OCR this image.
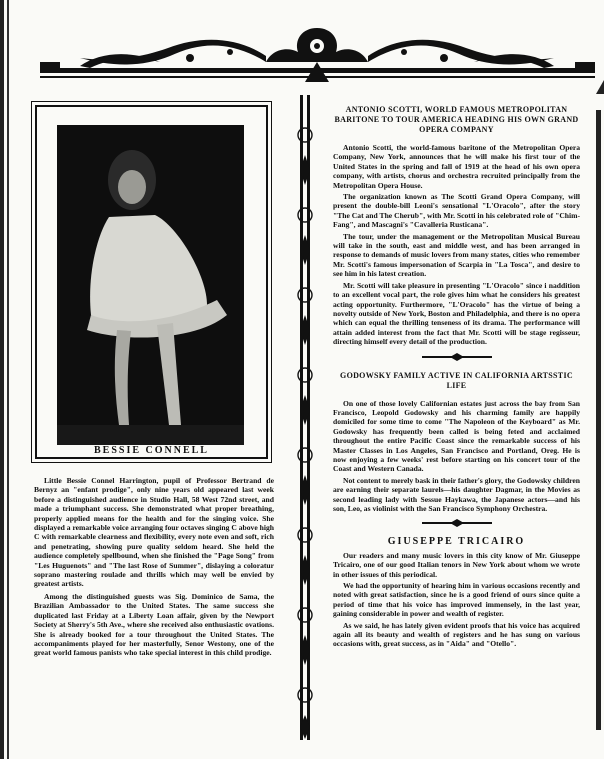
BESSIE CONNELL

Little Bessie Connel Harrington, pupil of Professor Bertrand de Bernyz an "enfant prodige", only nine years old appeared last week before a distinguished audience in Studio Hall, 58 West 72nd street, and made a triumphant success. She demonstrated what proper breathing, properly applied means for the health and for the singing voice. She displayed a remarkable voice arranging four octaves singing C above high C with remarkable clearness and flexibility, every note even and soft, rich and penetrating, showing pure quality seldom heard. She held the audience completely spellbound, when she finished the "Page Song" from "Les Huguenots" and "The last Rose of Summer", dislaying a coloratur soprano mastering roulade and thrills which may well be envied by greatest artists.

Among the distinguished guests was Sig. Dominico de Sama, the Brazilian Ambassador to the United States. The same success she duplicated last Friday at a Liberty Loan affair, given by the Newport Society at Sherry's 5th Ave., where she received also enthusiastic ovations. She is already booked for a tour throughout the United States. The accompaniments played for her masterfully, Senor Westony, one of the great world famous panists who take special interest in this child prodige.

ANTONIO SCOTTI, WORLD FAMOUS METROPOLITAN BARITONE TO TOUR AMERICA HEADING HIS OWN GRAND OPERA COMPANY

Antonio Scotti, the world-famous baritone of the Metropolitan Opera Company, New York, announces that he will make his first tour of the United States in the spring and fall of 1919 at the head of his own opera company, with artists, chorus and orchestra recruited principally from the Metropolitan Opera House.

The organization known as The Scotti Grand Opera Company, will present the double-bill Leoni's sensational "L'Oracolo", after the story "The Cat and The Cherub", with Mr. Scotti in his celebrated role of "Chim-Fang", and Mascagni's "Cavalleria Rusticana".

The tour, under the management or the Metropolitan Musical Bureau will take in the south, east and middle west, and has been arranged in response to demands of music lovers from many states, cities who remember Mr. Scotti's famous impersonation of Scarpia in "La Tosca", and desire to see him in his latest creation.

Mr. Scotti will take pleasure in presenting "L'Oracolo" since i naddition to an excellent vocal part, the role gives him what he considers his greatest acting opportunity. Furthermore, "L'Oracolo" has the virtue of being a novelty outside of New York, Boston and Philadelphia, and there is no opera which can equal the thrilling tenseness of its drama. The performance will attain added interest from the fact that Mr. Scotti will be stage regisseur, directing himself every detail of the production.

GODOWSKY FAMILY ACTIVE IN CALIFORNIA ARTSSTIC LIFE

On one of those lovely Californian estates just across the bay from San Francisco, Leopold Godowsky and his charming family are happily domiciled for some time to come "The Napoleon of the Keyboard" as Mr. Godowsky has frequently been called is being feted and acclaimed throughout the entire Pacific Coast since the remarkable success of his Master Classes in Los Angeles, San Francisco and Portland, Oreg. He is now enjoying a few weeks' rest before starting on his concert tour of the Coast and Western Canada.

Not content to merely bask in their father's glory, the Godowsky children are earning their separate laurels—his daughter Dagmar, in the Movies as second leading lady with Sessue Haykawa, the Japanese actors—and his son, Leo, as violinist with the San Francisco Symphony Orchestra.

GIUSEPPE TRICAIRO

Our readers and many music lovers in this city know of Mr. Giuseppe Tricairo, one of our good Italian tenors in New York about whom we wrote in other issues of this periodical.

We had the opportunity of hearing him in various occasions recently and noted with great satisfaction, since he is a good friend of ours since quite a period of time that his voice has improved immensely, in the last year, gaining considerable in power and wealth of register.

As we said, he has lately given evident proofs that his voice has acquired again all its beauty and wealth of registers and he has sung on various occasions with, great success, as in "Aida" and "Otello".
